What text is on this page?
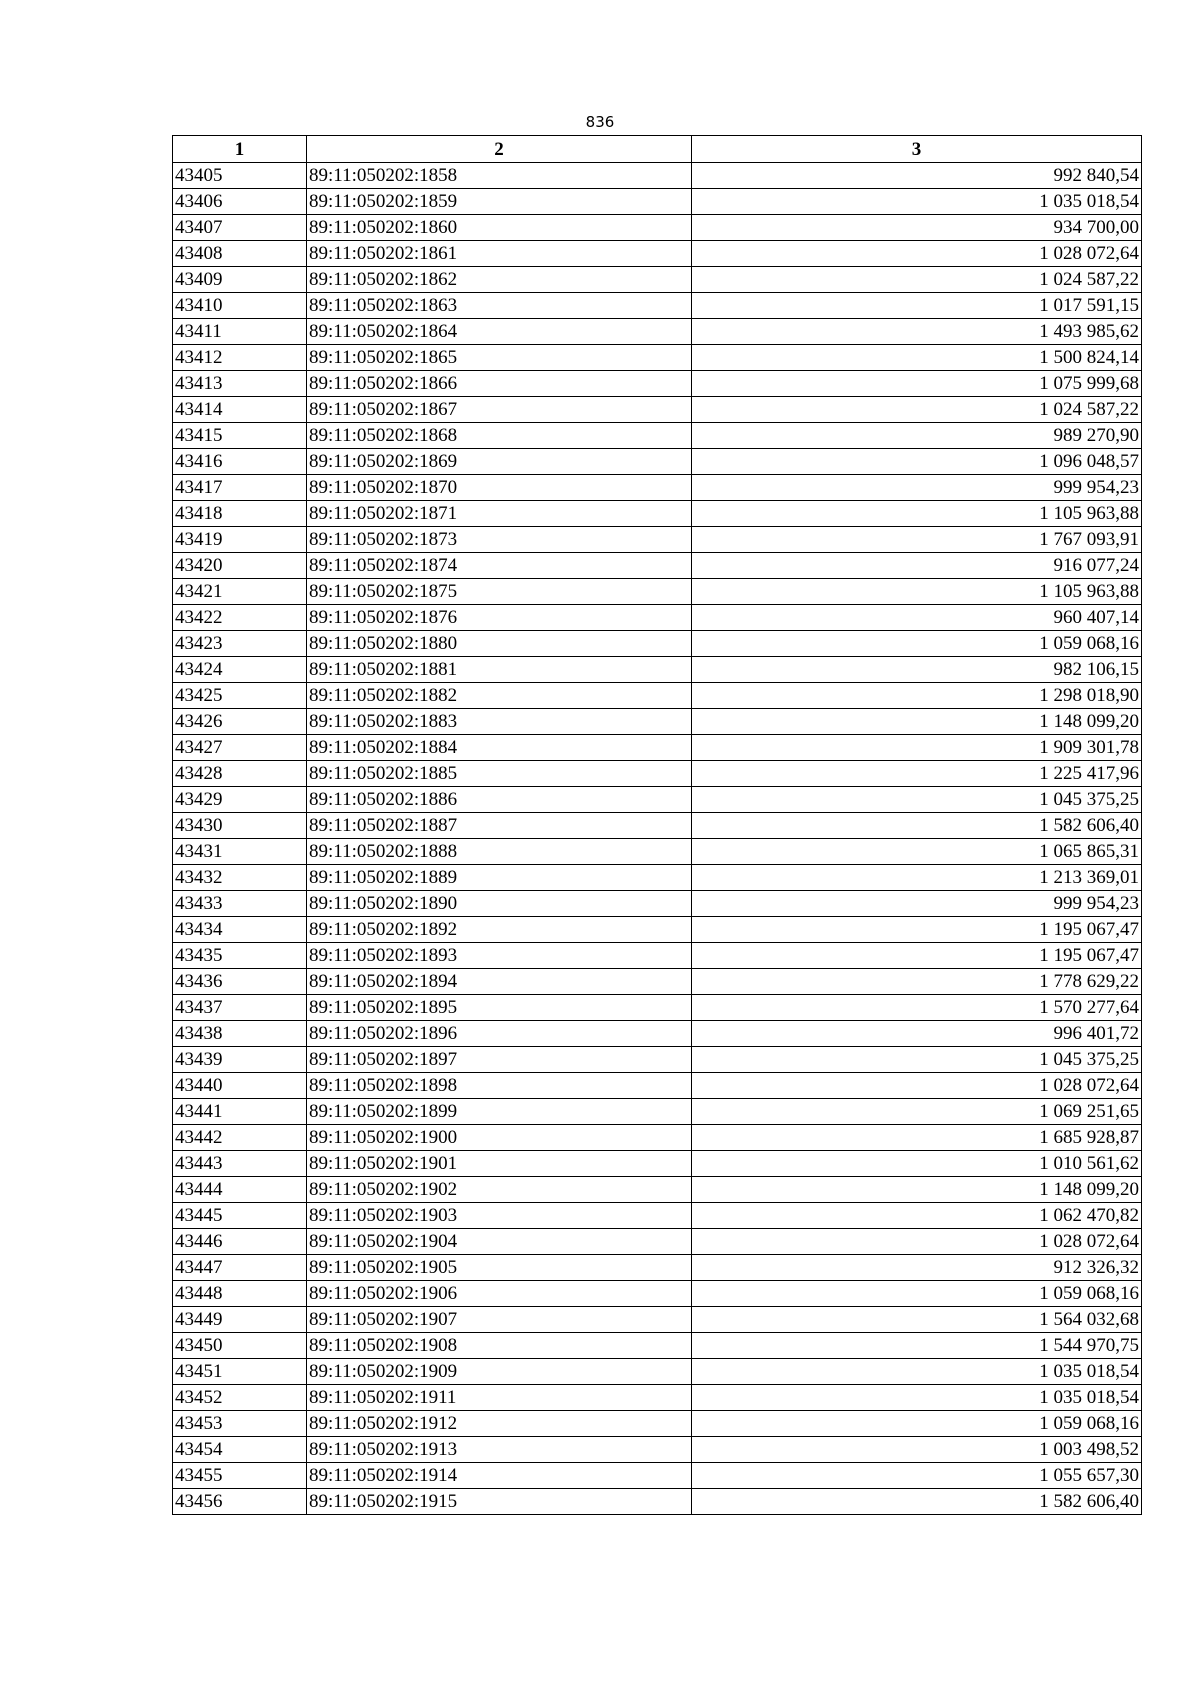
836
1	2	3
43405	89:11:050202:1858	992 840,54
43406	89:11:050202:1859	1 035 018,54
43407	89:11:050202:1860	934 700,00
43408	89:11:050202:1861	1 028 072,64
43409	89:11:050202:1862	1 024 587,22
43410	89:11:050202:1863	1 017 591,15
43411	89:11:050202:1864	1 493 985,62
43412	89:11:050202:1865	1 500 824,14
43413	89:11:050202:1866	1 075 999,68
43414	89:11:050202:1867	1 024 587,22
43415	89:11:050202:1868	989 270,90
43416	89:11:050202:1869	1 096 048,57
43417	89:11:050202:1870	999 954,23
43418	89:11:050202:1871	1 105 963,88
43419	89:11:050202:1873	1 767 093,91
43420	89:11:050202:1874	916 077,24
43421	89:11:050202:1875	1 105 963,88
43422	89:11:050202:1876	960 407,14
43423	89:11:050202:1880	1 059 068,16
43424	89:11:050202:1881	982 106,15
43425	89:11:050202:1882	1 298 018,90
43426	89:11:050202:1883	1 148 099,20
43427	89:11:050202:1884	1 909 301,78
43428	89:11:050202:1885	1 225 417,96
43429	89:11:050202:1886	1 045 375,25
43430	89:11:050202:1887	1 582 606,40
43431	89:11:050202:1888	1 065 865,31
43432	89:11:050202:1889	1 213 369,01
43433	89:11:050202:1890	999 954,23
43434	89:11:050202:1892	1 195 067,47
43435	89:11:050202:1893	1 195 067,47
43436	89:11:050202:1894	1 778 629,22
43437	89:11:050202:1895	1 570 277,64
43438	89:11:050202:1896	996 401,72
43439	89:11:050202:1897	1 045 375,25
43440	89:11:050202:1898	1 028 072,64
43441	89:11:050202:1899	1 069 251,65
43442	89:11:050202:1900	1 685 928,87
43443	89:11:050202:1901	1 010 561,62
43444	89:11:050202:1902	1 148 099,20
43445	89:11:050202:1903	1 062 470,82
43446	89:11:050202:1904	1 028 072,64
43447	89:11:050202:1905	912 326,32
43448	89:11:050202:1906	1 059 068,16
43449	89:11:050202:1907	1 564 032,68
43450	89:11:050202:1908	1 544 970,75
43451	89:11:050202:1909	1 035 018,54
43452	89:11:050202:1911	1 035 018,54
43453	89:11:050202:1912	1 059 068,16
43454	89:11:050202:1913	1 003 498,52
43455	89:11:050202:1914	1 055 657,30
43456	89:11:050202:1915	1 582 606,40
